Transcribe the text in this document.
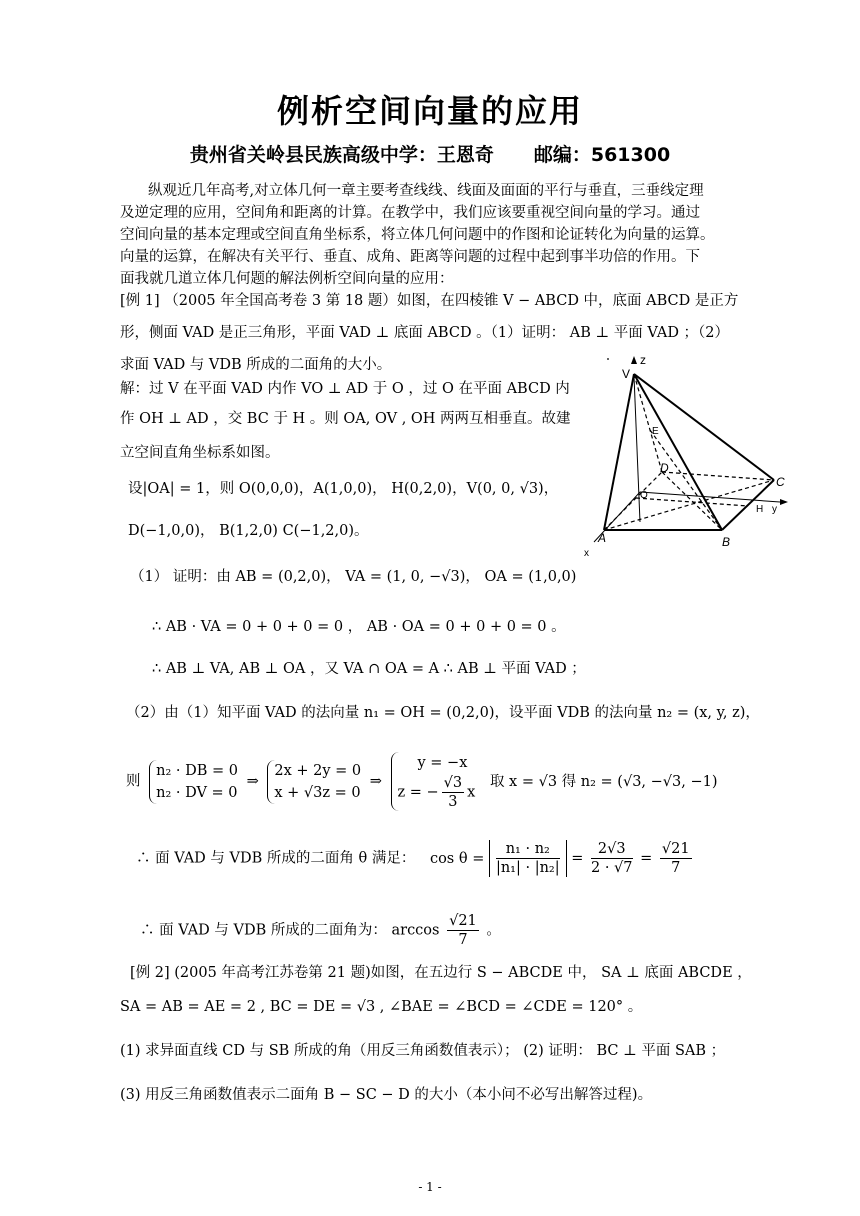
例析空间向量的应用
贵州省关岭县民族高级中学：王恩奇 邮编：561300
纵观近几年高考,对立体几何一章主要考查线线、线面及面面的平行与垂直，三垂线定理
及逆定理的应用，空间角和距离的计算。在教学中，我们应该要重视空间向量的学习。通过
空间向量的基本定理或空间直角坐标系，将立体几何问题中的作图和论证转化为向量的运算。
向量的运算，在解决有关平行、垂直、成角、距离等问题的过程中起到事半功倍的作用。下
面我就几道立体几何题的解法例析空间向量的应用：
[例 1] （2005 年全国高考卷 3 第 18 题）如图，在四棱锥 V − ABCD 中，底面 ABCD 是正方
形，侧面 VAD 是正三角形，平面 VAD ⊥ 底面 ABCD 。（1）证明： AB ⊥ 平面 VAD ；（2）
求面 VAD 与 VDB 所成的二面角的大小。
解：过 V 在平面 VAD 内作 VO ⊥ AD 于 O ，过 O 在平面 ABCD 内
作 OH ⊥ AD ，交 BC 于 H 。则 OA, OV , OH 两两互相垂直。故建
立空间直角坐标系如图。
设|OA| = 1，则 O(0,0,0)，A(1,0,0)， H(0,2,0)，V(0, 0, √3)，
D(−1,0,0)， B(1,2,0) C(−1,2,0)。
（1） 证明：由 AB = (0,2,0)， VA = (1, 0, −√3)， OA = (1,0,0)
∴ AB · VA = 0 + 0 + 0 = 0 ， AB · OA = 0 + 0 + 0 = 0 。
∴ AB ⊥ VA, AB ⊥ OA ，又 VA ∩ OA = A ∴ AB ⊥ 平面 VAD ；
（2）由（1）知平面 VAD 的法向量 n₁ = OH = (0,2,0)，设平面 VDB 的法向量 n₂ = (x, y, z)，
则
n₂ · DB = 0
n₂ · DV = 0
⇒
2x + 2y = 0
x + √3z = 0
⇒
y = −x
z = − $\frac{√3}{3}$ x
取 x = √3 得 n₂ = (√3, −√3, −1)
∴ 面 VAD 与 VDB 所成的二面角 θ 满足： $\cos \theta = \frac{\text{n₁ · n₂}}{\text{|n₁| · |n₂|}} = \frac{2√3}{2 \cdot √7} = \frac{√21}{7}$
∴ 面 VAD 与 VDB 所成的二面角为： $\arccos \frac{√21}{7}$ 。
[例 2] (2005 年高考江苏卷第 21 题)如图，在五边行 S − ABCDE 中， SA ⊥ 底面 ABCDE ，
SA = AB = AE = 2 , BC = DE = √3 , ∠BAE = ∠BCD = ∠CDE = 120° 。
(1) 求异面直线 CD 与 SB 所成的角（用反三角函数值表示）； (2) 证明： BC ⊥ 平面 SAB ；
(3) 用反三角函数值表示二面角 B − SC − D 的大小（本小问不必写出解答过程)。
z
V
E
D
O
C
H y
A	B
x
- 1 -
